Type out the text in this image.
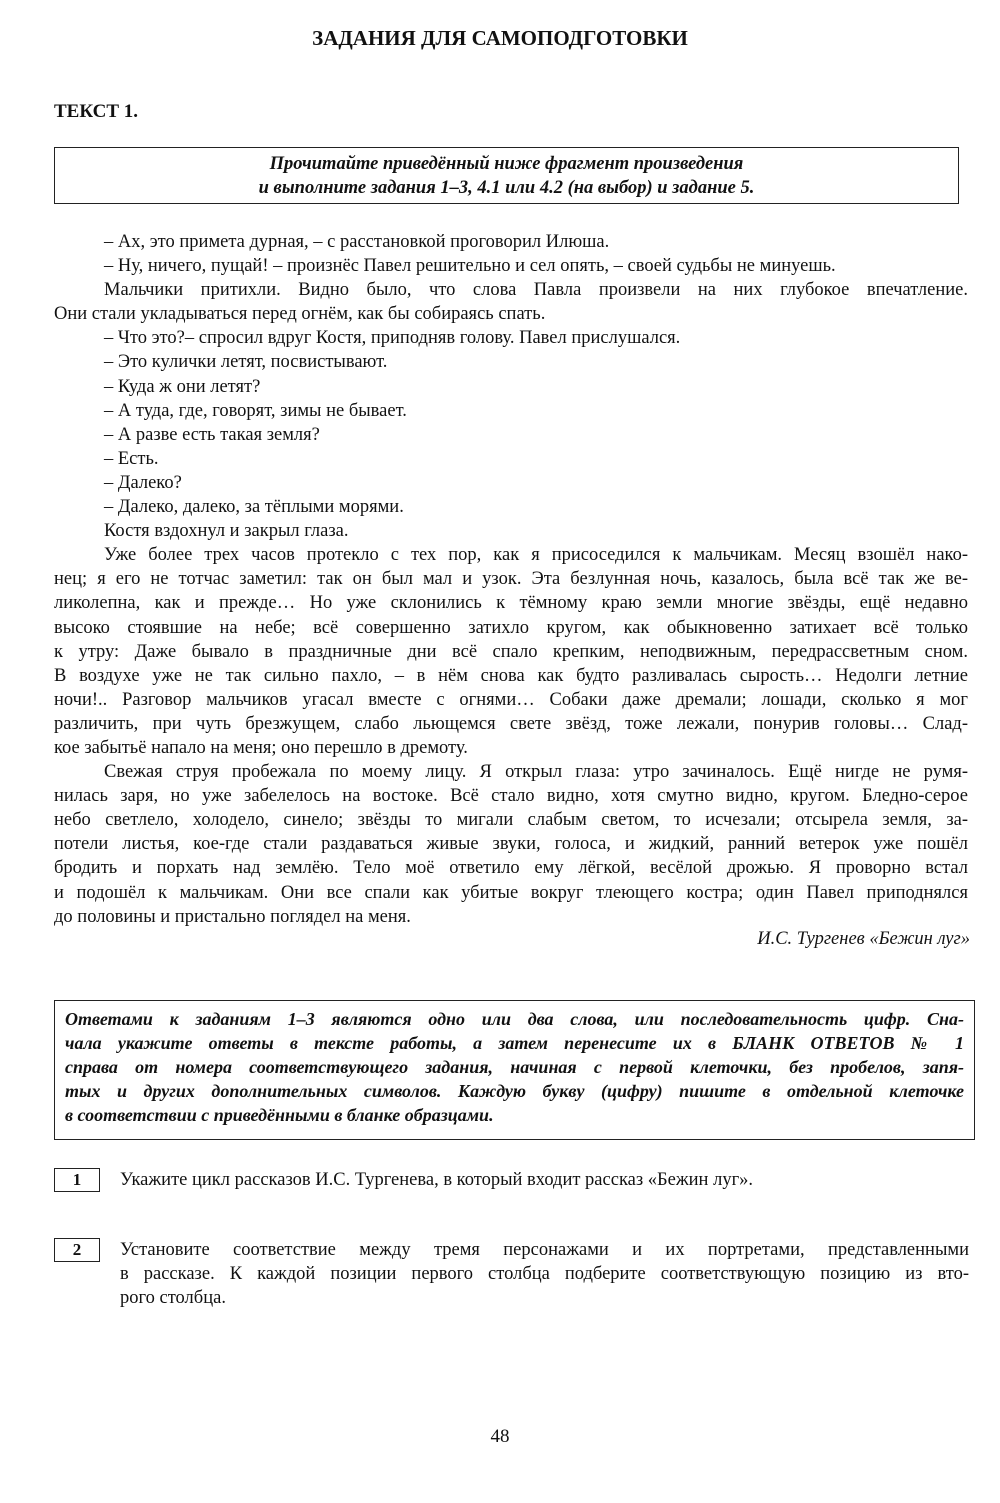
ЗАДАНИЯ ДЛЯ САМОПОДГОТОВКИ
ТЕКСТ 1.
Прочитайте приведённый ниже фрагмент произведения
и выполните задания 1–3, 4.1 или 4.2 (на выбор) и задание 5.
– Ах, это примета дурная, – с расстановкой проговорил Илюша.
– Ну, ничего, пущай! – произнёс Павел решительно и сел опять, – своей судьбы не минуешь.
Мальчики притихли. Видно было, что слова Павла произвели на них глубокое впечатление.
Они стали укладываться перед огнём, как бы собираясь спать.
– Что это?– спросил вдруг Костя, приподняв голову. Павел прислушался.
– Это кулички летят, посвистывают.
– Куда ж они летят?
– А туда, где, говорят, зимы не бывает.
– А разве есть такая земля?
– Есть.
– Далеко?
– Далеко, далеко, за тёплыми морями.
Костя вздохнул и закрыл глаза.
Уже более трех часов протекло с тех пор, как я присоседился к мальчикам. Месяц взошёл нако-
нец; я его не тотчас заметил: так он был мал и узок. Эта безлунная ночь, казалось, была всё так же ве-
ликолепна, как и прежде… Но уже склонились к тёмному краю земли многие звёзды, ещё недавно
высоко стоявшие на небе; всё совершенно затихло кругом, как обыкновенно затихает всё только
к утру: Даже бывало в праздничные дни всё спало крепким, неподвижным, передрассветным сном.
В воздухе уже не так сильно пахло, – в нём снова как будто разливалась сырость… Недолги летние
ночи!.. Разговор мальчиков угасал вместе с огнями… Собаки даже дремали; лошади, сколько я мог
различить, при чуть брезжущем, слабо льющемся свете звёзд, тоже лежали, понурив головы… Слад-
кое забытьё напало на меня; оно перешло в дремоту.
Свежая струя пробежала по моему лицу. Я открыл глаза: утро зачиналось. Ещё нигде не румя-
нилась заря, но уже забелелось на востоке. Всё стало видно, хотя смутно видно, кругом. Бледно-серое
небо светлело, холодело, синело; звёзды то мигали слабым светом, то исчезали; отсырела земля, за-
потели листья, кое-где стали раздаваться живые звуки, голоса, и жидкий, ранний ветерок уже пошёл
бродить и порхать над землёю. Тело моё ответило ему лёгкой, весёлой дрожью. Я проворно встал
и подошёл к мальчикам. Они все спали как убитые вокруг тлеющего костра; один Павел приподнялся
до половины и пристально поглядел на меня.
И.С. Тургенев «Бежин луг»
Ответами к заданиям 1–3 являются одно или два слова, или последовательность цифр. Сна-
чала укажите ответы в тексте работы, а затем перенесите их в БЛАНК ОТВЕТОВ № 1
справа от номера соответствующего задания, начиная с первой клеточки, без пробелов, запя-
тых и других дополнительных символов. Каждую букву (цифру) пишите в отдельной клеточке
в соответствии с приведёнными в бланке образцами.
1	Укажите цикл рассказов И.С. Тургенева, в который входит рассказ «Бежин луг».
2	Установите соответствие между тремя персонажами и их портретами, представленными
в рассказе. К каждой позиции первого столбца подберите соответствующую позицию из вто-
рого столбца.
48
